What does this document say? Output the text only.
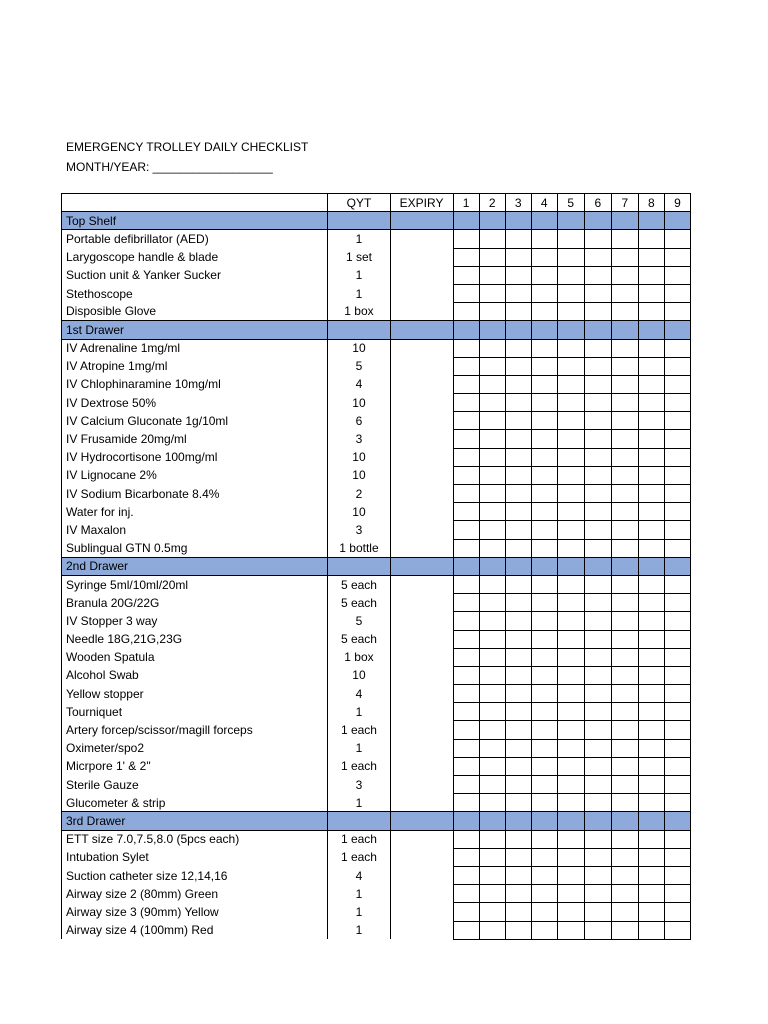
EMERGENCY TROLLEY DAILY CHECKLIST
MONTH/YEAR: __________________
	QYT	EXPIRY	1	2	3	4	5	6	7	8	9
Top Shelf											
Portable defibrillator (AED)	1										
Larygoscope handle & blade	1 set										
Suction unit & Yanker Sucker	1										
Stethoscope	1										
Disposible Glove	1 box										
1st Drawer											
IV Adrenaline 1mg/ml	10										
IV Atropine 1mg/ml	5										
IV Chlophinaramine 10mg/ml	4										
IV Dextrose 50%	10										
IV Calcium Gluconate 1g/10ml	6										
IV Frusamide 20mg/ml	3										
IV Hydrocortisone 100mg/ml	10										
IV Lignocane 2%	10										
IV Sodium Bicarbonate 8.4%	2										
Water for inj.	10										
IV Maxalon	3										
Sublingual GTN 0.5mg	1 bottle										
2nd Drawer											
Syringe 5ml/10ml/20ml	5 each										
Branula 20G/22G	5 each										
IV Stopper 3 way	5										
Needle 18G,21G,23G	5 each										
Wooden Spatula	1 box										
Alcohol Swab	10										
Yellow stopper	4										
Tourniquet	1										
Artery forcep/scissor/magill forceps	1 each										
Oximeter/spo2	1										
Micrpore 1' & 2"	1 each										
Sterile Gauze	3										
Glucometer & strip	1										
3rd Drawer											
ETT size 7.0,7.5,8.0 (5pcs each)	1 each										
Intubation Sylet	1 each										
Suction catheter size 12,14,16	4										
Airway size 2 (80mm) Green	1										
Airway size 3 (90mm) Yellow	1										
Airway size 4 (100mm) Red	1										
